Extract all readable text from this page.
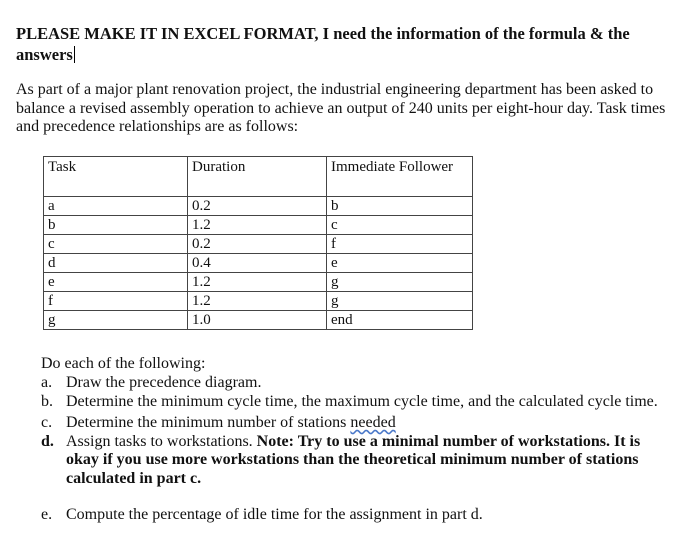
PLEASE MAKE IT IN EXCEL FORMAT, I need the information of the formula & the
answers
As part of a major plant renovation project, the industrial engineering department has been asked to balance a revised assembly operation to achieve an output of 240 units per eight-hour day. Task times and precedence relationships are as follows:
Task	Duration	Immediate Follower
a	0.2	b
b	1.2	c
c	0.2	f
d	0.4	e
e	1.2	g
f	1.2	g
g	1.0	end
Do each of the following:
a. Draw the precedence diagram.
b. Determine the minimum cycle time, the maximum cycle time, and the calculated cycle time.
c. Determine the minimum number of stations needed
d. Assign tasks to workstations. Note: Try to use a minimal number of workstations. It is okay if you use more workstations than the theoretical minimum number of stations calculated in part c.
e. Compute the percentage of idle time for the assignment in part d.
